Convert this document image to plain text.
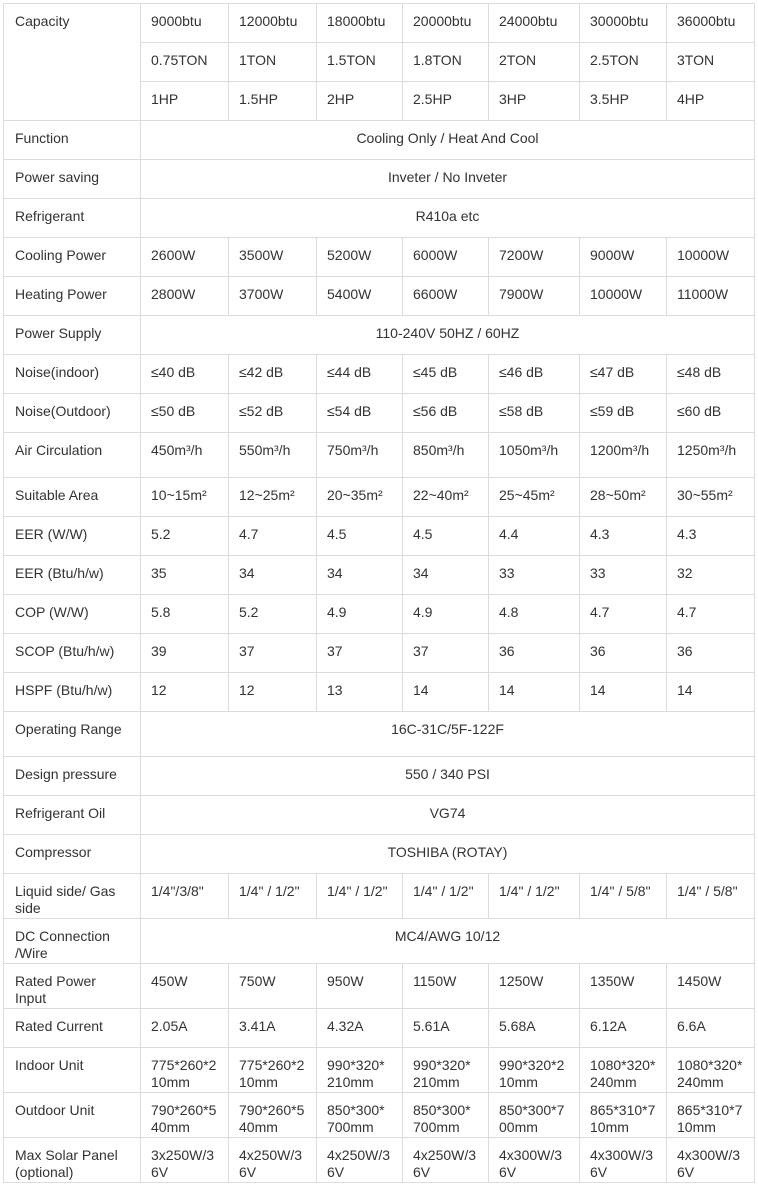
Capacity	9000btu	12000btu	18000btu	20000btu	24000btu	30000btu	36000btu
	0.75TON	1TON	1.5TON	1.8TON	2TON	2.5TON	3TON
	1HP	1.5HP	2HP	2.5HP	3HP	3.5HP	4HP
Function	Cooling Only / Heat And Cool						
Power saving	Inveter / No Inveter						
Refrigerant	R410a etc						
Cooling Power	2600W	3500W	5200W	6000W	7200W	9000W	10000W
Heating Power	2800W	3700W	5400W	6600W	7900W	10000W	11000W
Power Supply	110-240V 50HZ / 60HZ						
Noise(indoor)	≤40 dB	≤42 dB	≤44 dB	≤45 dB	≤46 dB	≤47 dB	≤48 dB
Noise(Outdoor)	≤50 dB	≤52 dB	≤54 dB	≤56 dB	≤58 dB	≤59 dB	≤60 dB
Air Circulation	450m³/h	550m³/h	750m³/h	850m³/h	1050m³/h	1200m³/h	1250m³/h
Suitable Area	10~15m²	12~25m²	20~35m²	22~40m²	25~45m²	28~50m²	30~55m²
EER (W/W)	5.2	4.7	4.5	4.5	4.4	4.3	4.3
EER (Btu/h/w)	35	34	34	34	33	33	32
COP (W/W)	5.8	5.2	4.9	4.9	4.8	4.7	4.7
SCOP (Btu/h/w)	39	37	37	37	36	36	36
HSPF (Btu/h/w)	12	12	13	14	14	14	14
Operating Range	16C-31C/5F-122F						
Design pressure	550 / 340 PSI						
Refrigerant Oil	VG74						
Compressor	TOSHIBA (ROTAY)						
Liquid side/ Gas side	1/4"/3/8"	1/4" / 1/2"	1/4" / 1/2"	1/4" / 1/2"	1/4" / 1/2"	1/4" / 5/8"	1/4" / 5/8"
DC Connection /Wire	MC4/AWG 10/12						
Rated Power Input	450W	750W	950W	1150W	1250W	1350W	1450W
Rated Current	2.05A	3.41A	4.32A	5.61A	5.68A	6.12A	6.6A
Indoor Unit	775*260*210mm	775*260*210mm	990*320*210mm	990*320*210mm	990*320*210mm	1080*320*240mm	1080*320*240mm
Outdoor Unit	790*260*540mm	790*260*540mm	850*300*700mm	850*300*700mm	850*300*700mm	865*310*710mm	865*310*710mm
Max Solar Panel (optional)	3x250W/36V	4x250W/36V	4x250W/36V	4x250W/36V	4x300W/36V	4x300W/36V	4x300W/36V
